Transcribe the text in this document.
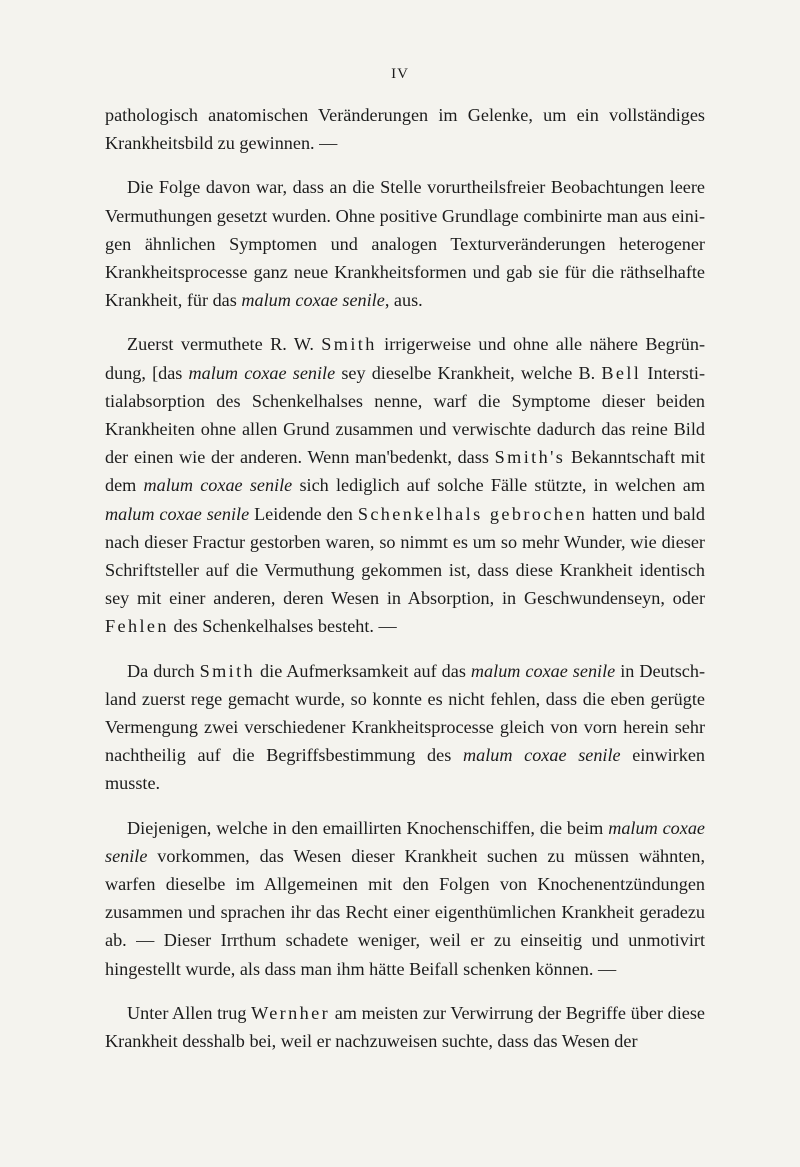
IV

pathologisch anatomischen Veränderungen im Gelenke, um ein vollständiges Krankheitsbild zu gewinnen. —

Die Folge davon war, dass an die Stelle vorurtheilsfreier Beobachtungen leere Vermuthungen gesetzt wurden. Ohne positive Grundlage combinirte man aus einigen ähnlichen Symptomen und analogen Texturveränderungen heterogener Krankheitsprocesse ganz neue Krankheitsformen und gab sie für die räthselhafte Krankheit, für das malum coxae senile, aus.

Zuerst vermuthete R. W. Smith irrigerweise und ohne alle nähere Begründung, [das malum coxae senile sey dieselbe Krankheit, welche B. Bell Interstitialabsorption des Schenkelhalses nenne, warf die Symptome dieser beiden Krankheiten ohne allen Grund zusammen und verwischte dadurch das reine Bild der einen wie der anderen. Wenn man'bedenkt, dass Smith's Bekanntschaft mit dem malum coxae senile sich lediglich auf solche Fälle stützte, in welchen am malum coxae senile Leidende den Schenkelhals gebrochen hatten und bald nach dieser Fractur gestorben waren, so nimmt es um so mehr Wunder, wie dieser Schriftsteller auf die Vermuthung gekommen ist, dass diese Krankheit identisch sey mit einer anderen, deren Wesen in Absorption, in Geschwundenseyn, oder Fehlen des Schenkelhalses besteht. —

Da durch Smith die Aufmerksamkeit auf das malum coxae senile in Deutschland zuerst rege gemacht wurde, so konnte es nicht fehlen, dass die eben gerügte Vermengung zwei verschiedener Krankheitsprocesse gleich von vorn herein sehr nachtheilig auf die Begriffsbestimmung des malum coxae senile einwirken musste.

Diejenigen, welche in den emaillirten Knochenschiffen, die beim malum coxae senile vorkommen, das Wesen dieser Krankheit suchen zu müssen wähnten, warfen dieselbe im Allgemeinen mit den Folgen von Knochenentzündungen zusammen und sprachen ihr das Recht einer eigenthümlichen Krankheit geradezu ab. — Dieser Irrthum schadete weniger, weil er zu einseitig und unmotivirt hingestellt wurde, als dass man ihm hätte Beifall schenken können. —

Unter Allen trug Wernher am meisten zur Verwirrung der Begriffe über diese Krankheit desshalb bei, weil er nachzuweisen suchte, dass das Wesen der
